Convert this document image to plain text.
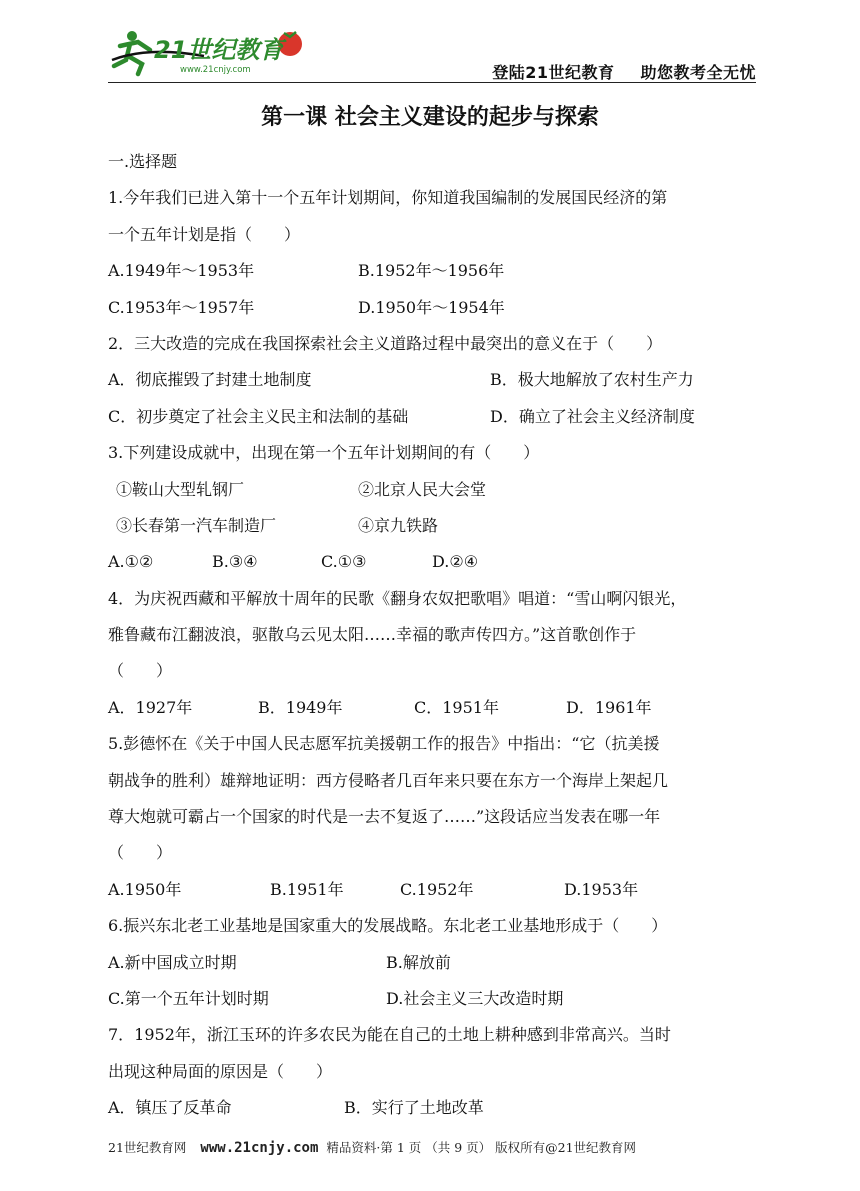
21世纪教育
www.21cnjy.com	登陆21世纪教育 助您教考全无忧
第一课 社会主义建设的起步与探索
一.选择题
1.今年我们已进入第十一个五年计划期间，你知道我国编制的发展国民经济的第
一个五年计划是指（　　）
A.1949年～1953年	B.1952年～1956年
C.1953年～1957年	D.1950年～1954年
2．三大改造的完成在我国探索社会主义道路过程中最突出的意义在于（　　）
A．彻底摧毁了封建土地制度	B．极大地解放了农村生产力
C．初步奠定了社会主义民主和法制的基础	D．确立了社会主义经济制度
3.下列建设成就中，出现在第一个五年计划期间的有（　　）
①鞍山大型轧钢厂	②北京人民大会堂
③长春第一汽车制造厂	④京九铁路
A.①②	B.③④	C.①③	D.②④
4．为庆祝西藏和平解放十周年的民歌《翻身农奴把歌唱》唱道：“雪山啊闪银光，
雅鲁藏布江翻波浪，驱散乌云见太阳……幸福的歌声传四方。”这首歌创作于
（　　）
A．1927年	B．1949年	C．1951年	D．1961年
5.彭德怀在《关于中国人民志愿军抗美援朝工作的报告》中指出：“它（抗美援
朝战争的胜利）雄辩地证明：西方侵略者几百年来只要在东方一个海岸上架起几
尊大炮就可霸占一个国家的时代是一去不复返了……”这段话应当发表在哪一年
（　　）
A.1950年	B.1951年	C.1952年	D.1953年
6.振兴东北老工业基地是国家重大的发展战略。东北老工业基地形成于（　　）
A.新中国成立时期	B.解放前
C.第一个五年计划时期	D.社会主义三大改造时期
7．1952年，浙江玉环的许多农民为能在自己的土地上耕种感到非常高兴。当时
出现这种局面的原因是（　　）
A．镇压了反革命	B．实行了土地改革
21世纪教育网 www.21cnjy.com 精品资料·第 1 页 （共 9 页） 版权所有@21世纪教育网
